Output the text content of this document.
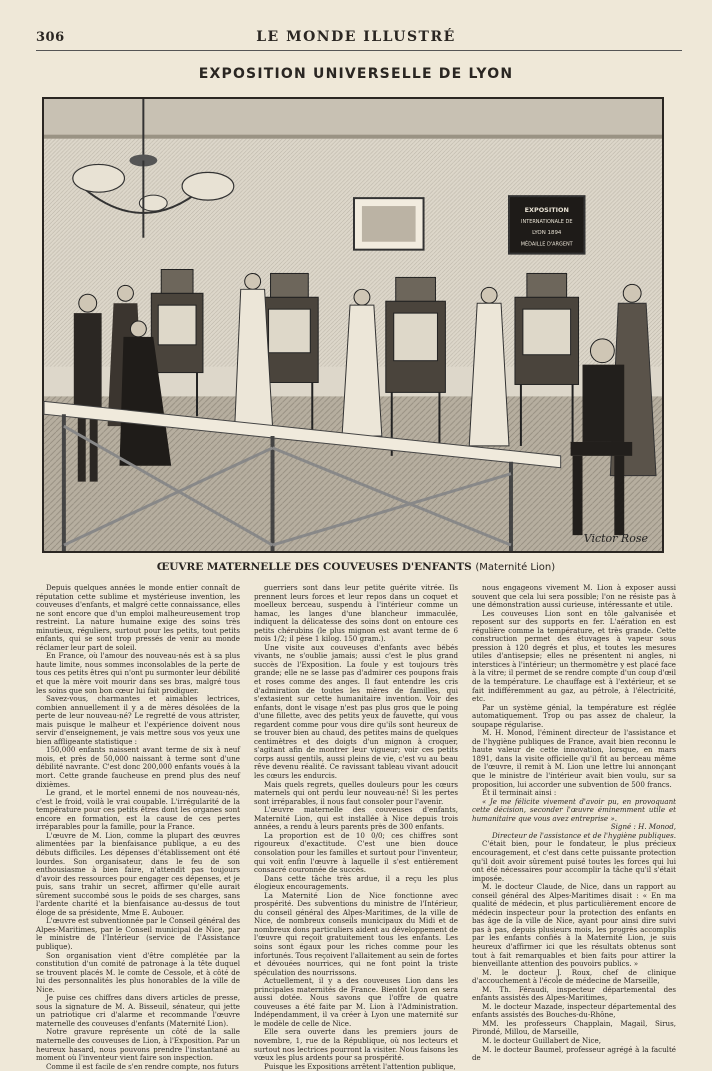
306	LE MONDE ILLUSTRÉ
EXPOSITION UNIVERSELLE DE LYON
EXPOSITION
INTERNATIONALE DE
LYON 1894
MÉDAILLE D'ARGENT
Victor Rose
ŒUVRE MATERNELLE DES COUVEUSES D'ENFANTS (Maternité Lion)

Depuis quelques années le monde entier connaît de réputation cette sublime et mystérieuse invention, les couveuses d'enfants, et malgré cette connaissance, elles ne sont encore que d'un emploi malheureusement trop restreint. La nature humaine exige des soins très minutieux, réguliers, surtout pour les petits, tout petits enfants, qui se sont trop pressés de venir au monde réclamer leur part de soleil.

En France, où l'amour des nouveau-nés est à sa plus haute limite, nous sommes inconsolables de la perte de tous ces petits êtres qui n'ont pu surmonter leur débilité et que la mère voit mourir dans ses bras, malgré tous les soins que son bon cœur lui fait prodiguer.

Savez-vous, charmantes et aimables lectrices, combien annuellement il y a de mères désolées de la perte de leur nouveau-né? Le regretté de vous attrister, mais puisque le malheur et l'expérience doivent nous servir d'enseignement, je vais mettre sous vos yeux une bien affligeante statistique :

150,000 enfants naissent avant terme de six à neuf mois, et près de 50,000 naissant à terme sont d'une débilité navrante. C'est donc 200,000 enfants voués à la mort. Cette grande faucheuse en prend plus des neuf dixièmes.

Le grand, et le mortel ennemi de nos nouveau-nés, c'est le froid, voilà le vrai coupable. L'irrégularité de la température pour ces petits êtres dont les organes sont encore en formation, est la cause de ces pertes irréparables pour la famille, pour la France.

L'œuvre de M. Lion, comme la plupart des œuvres alimentées par la bienfaisance publique, a eu des débuts difficiles. Les dépenses d'établissement ont été lourdes. Son organisateur, dans le feu de son enthousiasme à bien faire, n'attendit pas toujours d'avoir des ressources pour engager ces dépenses, et je puis, sans trahir un secret, affirmer qu'elle aurait sûrement succombé sous le poids de ses charges, sans l'ardente charité et la bienfaisance au-dessus de tout éloge de sa présidente, Mme E. Aubouer.

L'œuvre est subventionnée par le Conseil général des Alpes-Maritimes, par le Conseil municipal de Nice, par le ministre de l'Intérieur (service de l'Assistance publique).

Son organisation vient d'être complétée par la constitution d'un comité de patronage à la tête duquel se trouvent placés M. le comte de Cessole, et à côté de lui des personnalités les plus honorables de la ville de Nice.

Je puise ces chiffres dans divers articles de presse, sous la signature de M. A. Bisseuil, sénateur, qui jette un patriotique cri d'alarme et recommande l'œuvre maternelle des couveuses d'enfants (Maternité Lion).

Notre gravure représente un côté de la salle maternelle des couveuses de Lion, à l'Exposition. Par un heureux hasard, nous pouvons prendre l'instantané au moment où l'inventeur vient faire son inspection.

Comme il est facile de s'en rendre compte, nos futurs

guerriers sont dans leur petite guérite vitrée. Ils prennent leurs forces et leur repos dans un coquet et moelleux berceau, suspendu à l'intérieur comme un hamac, les langes d'une blancheur immaculée, indiquent la délicatesse des soins dont on entoure ces petits chérubins (le plus mignon est avant terme de 6 mois 1/2; il pèse 1 kilog. 150 gram.).

Une visite aux couveuses d'enfants avec bébés vivants, ne s'oublie jamais; aussi c'est le plus grand succès de l'Exposition. La foule y est toujours très grande; elle ne se lasse pas d'admirer ces poupons frais et roses comme des anges. Il faut entendre les cris d'admiration de toutes les mères de familles, qui s'extasient sur cette humanitaire invention. Voir des enfants, dont le visage n'est pas plus gros que le poing d'une fillette, avec des petits yeux de fauvette, qui vous regardent comme pour vous dire qu'ils sont heureux de se trouver bien au chaud, des petites mains de quelques centimètres et des doigts d'un mignon à croquer, s'agitant afin de montrer leur vigueur; voir ces petits corps aussi gentils, aussi pleins de vie, c'est vu au beau rêve devenu réalité. Ce ravissant tableau vivant adoucit les cœurs les endurcis.

Mais quels regrets, quelles douleurs pour les cœurs maternels qui ont perdu leur nouveau-né! Si les pertes sont irréparables, il nous faut consoler pour l'avenir.

L'œuvre maternelle des couveuses d'enfants, Maternité Lion, qui est installée à Nice depuis trois années, a rendu à leurs parents près de 300 enfants.

La proportion est de 10 0/0; ces chiffres sont rigoureux d'exactitude. C'est une bien douce consolation pour les familles et surtout pour l'inventeur, qui voit enfin l'œuvre à laquelle il s'est entièrement consacré couronnée de succès.

Dans cette tâche très ardue, il a reçu les plus élogieux encouragements.

La Maternité Lion de Nice fonctionne avec prospérité. Des subventions du ministre de l'Intérieur, du conseil général des Alpes-Maritimes, de la ville de Nice, de nombreux conseils municipaux du Midi et de nombreux dons particuliers aident au développement de l'œuvre qui reçoit gratuitement tous les enfants. Les soins sont égaux pour les riches comme pour les infortunés. Tous reçoivent l'allaitement au sein de fortes et dévouées nourrices, qui ne font point la triste spéculation des nourrissons.

Actuellement, il y a des couveuses Lion dans les principales maternités de France. Bientôt Lyon en sera aussi dotée. Nous savons que l'offre de quatre couveuses a été faite par M. Lion à l'Administration. Indépendamment, il va créer à Lyon une maternité sur le modèle de celle de Nice.

Elle sera ouverte dans les premiers jours de novembre, 1, rue de la République, où nos lecteurs et surtout nos lectrices pourront la visiter. Nous faisons les vœux les plus ardents pour sa prospérité.

Puisque les Expositions arrêtent l'attention publique,

nous engageons vivement M. Lion à exposer aussi souvent que cela lui sera possible; l'on ne résiste pas à une démonstration aussi curieuse, intéressante et utile.

Les couveuses Lion sont en tôle galvanisée et reposent sur des supports en fer. L'aération en est régulière comme la température, et très grande. Cette construction permet des étuvages à vapeur sous pression à 120 degrés et plus, et toutes les mesures utiles d'antisepsie; elles ne présentent ni angles, ni interstices à l'intérieur; un thermomètre y est placé face à la vitre; il permet de se rendre compte d'un coup d'œil de la température. Le chauffage est à l'extérieur, et se fait indifféremment au gaz, au pétrole, à l'électricité, etc.

Par un système génial, la température est réglée automatiquement. Trop ou pas assez de chaleur, la soupape régularise.

M. H. Monod, l'éminent directeur de l'assistance et de l'hygiène publiques de France, avait bien reconnu le haute valeur de cette innovation, lorsque, en mars 1891, dans la visite officielle qu'il fit au berceau même de l'œuvre, il remit à M. Lion une lettre lui annonçant que le ministre de l'intérieur avait bien voulu, sur sa proposition, lui accorder une subvention de 500 francs.

Et il terminait ainsi :

« Je me félicite vivement d'avoir pu, en provoquant cette décision, seconder l'œuvre éminemment utile et humanitaire que vous avez entreprise ».

Signé : H. Monod,

Directeur de l'assistance et de l'hygiène publiques.

C'était bien, pour le fondateur, le plus précieux encouragement, et c'est dans cette puissante protection qu'il doit avoir sûrement puisé toutes les forces qui lui ont été nécessaires pour accomplir la tâche qu'il s'était imposée.

M. le docteur Claude, de Nice, dans un rapport au conseil général des Alpes-Maritimes disait : « En ma qualité de médecin, et plus particulièrement encore de médecin inspecteur pour la protection des enfants en bas âge de la ville de Nice, ayant pour ainsi dire suivi pas à pas, depuis plusieurs mois, les progrès accomplis par les enfants confiés à la Maternité Lion, je suis heureux d'affirmer ici que les résultats obtenus sont tout à fait remarquables et bien faits pour attirer la bienveillante attention des pouvoirs publics. »

M. le docteur J. Roux, chef de clinique d'accouchement à l'école de médecine de Marseille,

M. Th. Féraudi, inspecteur départemental des enfants assistés des Alpes-Maritimes,

M. le docteur Mazade, inspecteur départemental des enfants assistés des Bouches-du-Rhône,

MM. les professeurs Chapplain, Magail, Sirus, Pirondé, Millou, de Marseille,

M. le docteur Guillabert de Nice,

M. le docteur Baumel, professeur agrégé à la faculté de
